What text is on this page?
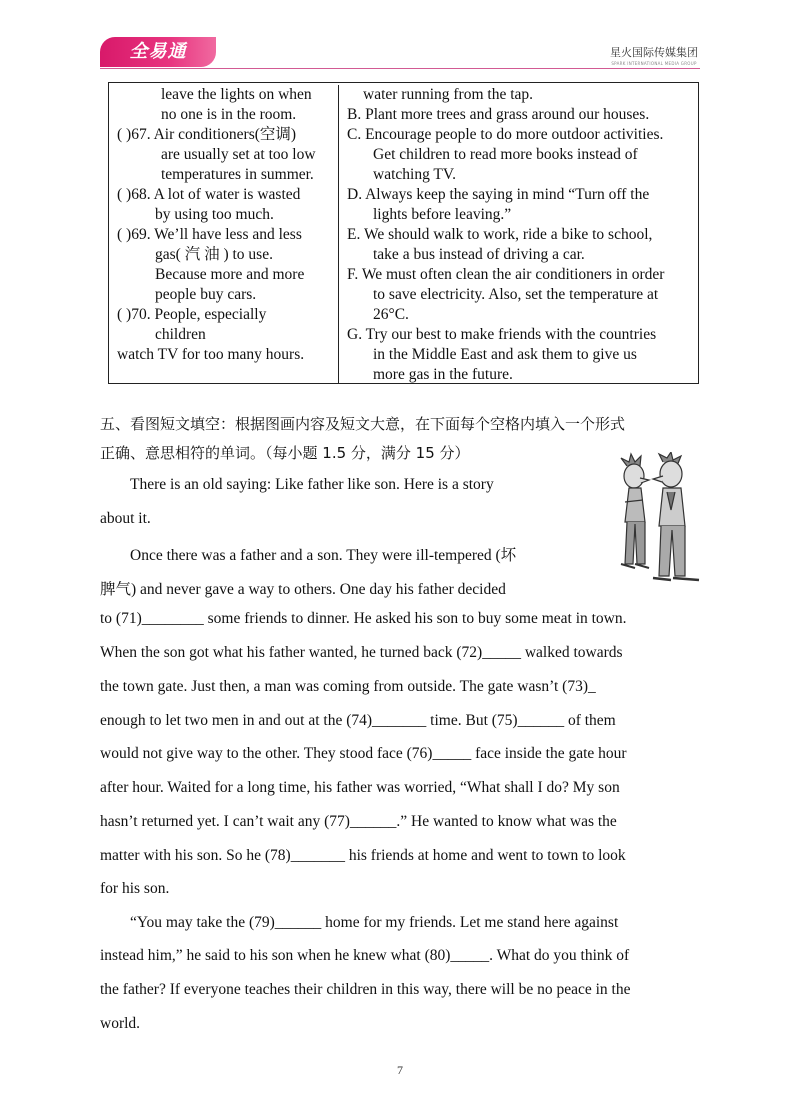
全易通	星火国际传媒集团
SPARK INTERNATIONAL MEDIA GROUP
leave the lights on when
no one is in the room.
( )67. Air conditioners(空调)
are usually set at too low
temperatures in summer.
( )68. A lot of water is wasted
by using too much.
( )69. We’ll have less and less
gas( 汽 油 ) to use.
Because more and more
people buy cars.
( )70. People, especially
children
watch TV for too many hours.
water running from the tap.
B. Plant more trees and grass around our houses.
C. Encourage people to do more outdoor activities.
Get children to read more books instead of
watching TV.
D. Always keep the saying in mind “Turn off the
lights before leaving.”
E. We should walk to work, ride a bike to school,
take a bus instead of driving a car.
F. We must often clean the air conditioners in order
to save electricity. Also, set the temperature at
26°C.
G. Try our best to make friends with the countries
in the Middle East and ask them to give us
more gas in the future.
五、看图短文填空：根据图画内容及短文大意，在下面每个空格内填入一个形式
正确、意思相符的单词。（每小题 1.5 分，满分 15 分）
There is an old saying: Like father like son. Here is a story
about it.
Once there was a father and a son. They were ill-tempered (坏
脾气) and never gave a way to others. One day his father decided
to (71)________ some friends to dinner. He asked his son to buy some meat in town.
When the son got what his father wanted, he turned back (72)_____ walked towards
the town gate. Just then, a man was coming from outside. The gate wasn’t (73)_
enough to let two men in and out at the (74)_______ time. But (75)______ of them
would not give way to the other. They stood face (76)_____ face inside the gate hour
after hour. Waited for a long time, his father was worried, “What shall I do? My son
hasn’t returned yet. I can’t wait any (77)______.” He wanted to know what was the
matter with his son. So he (78)_______ his friends at home and went to town to look
for his son.
“You may take the (79)______ home for my friends. Let me stand here against
instead him,” he said to his son when he knew what (80)_____. What do you think of
the father? If everyone teaches their children in this way, there will be no peace in the
world.
7
